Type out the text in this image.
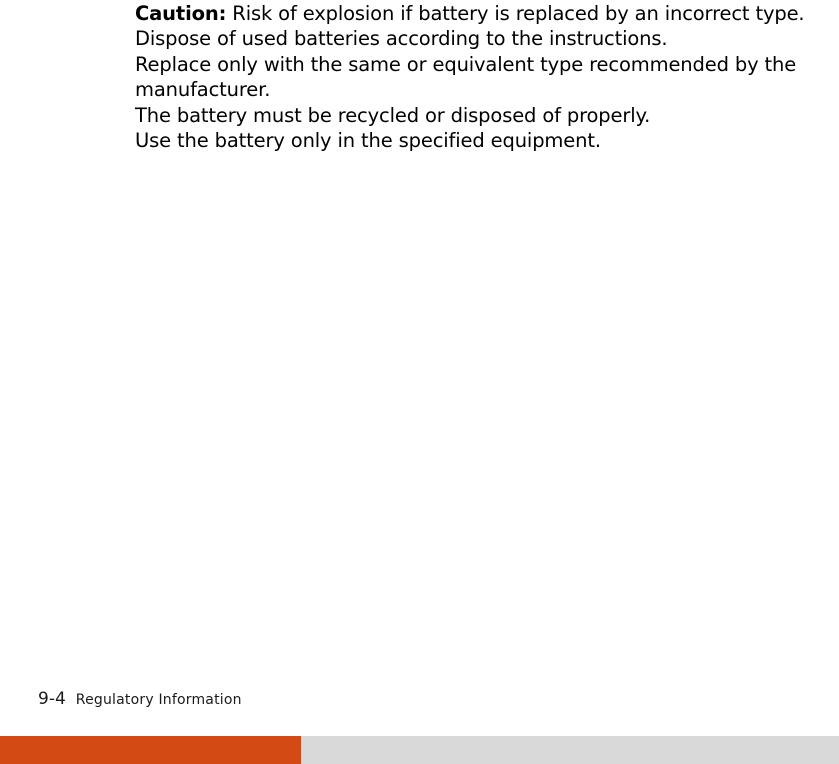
Caution: Risk of explosion if battery is replaced by an incorrect type. Dispose of used batteries according to the instructions.

Replace only with the same or equivalent type recommended by the manufacturer.

The battery must be recycled or disposed of properly.

Use the battery only in the specified equipment.

9-4 Regulatory Information
